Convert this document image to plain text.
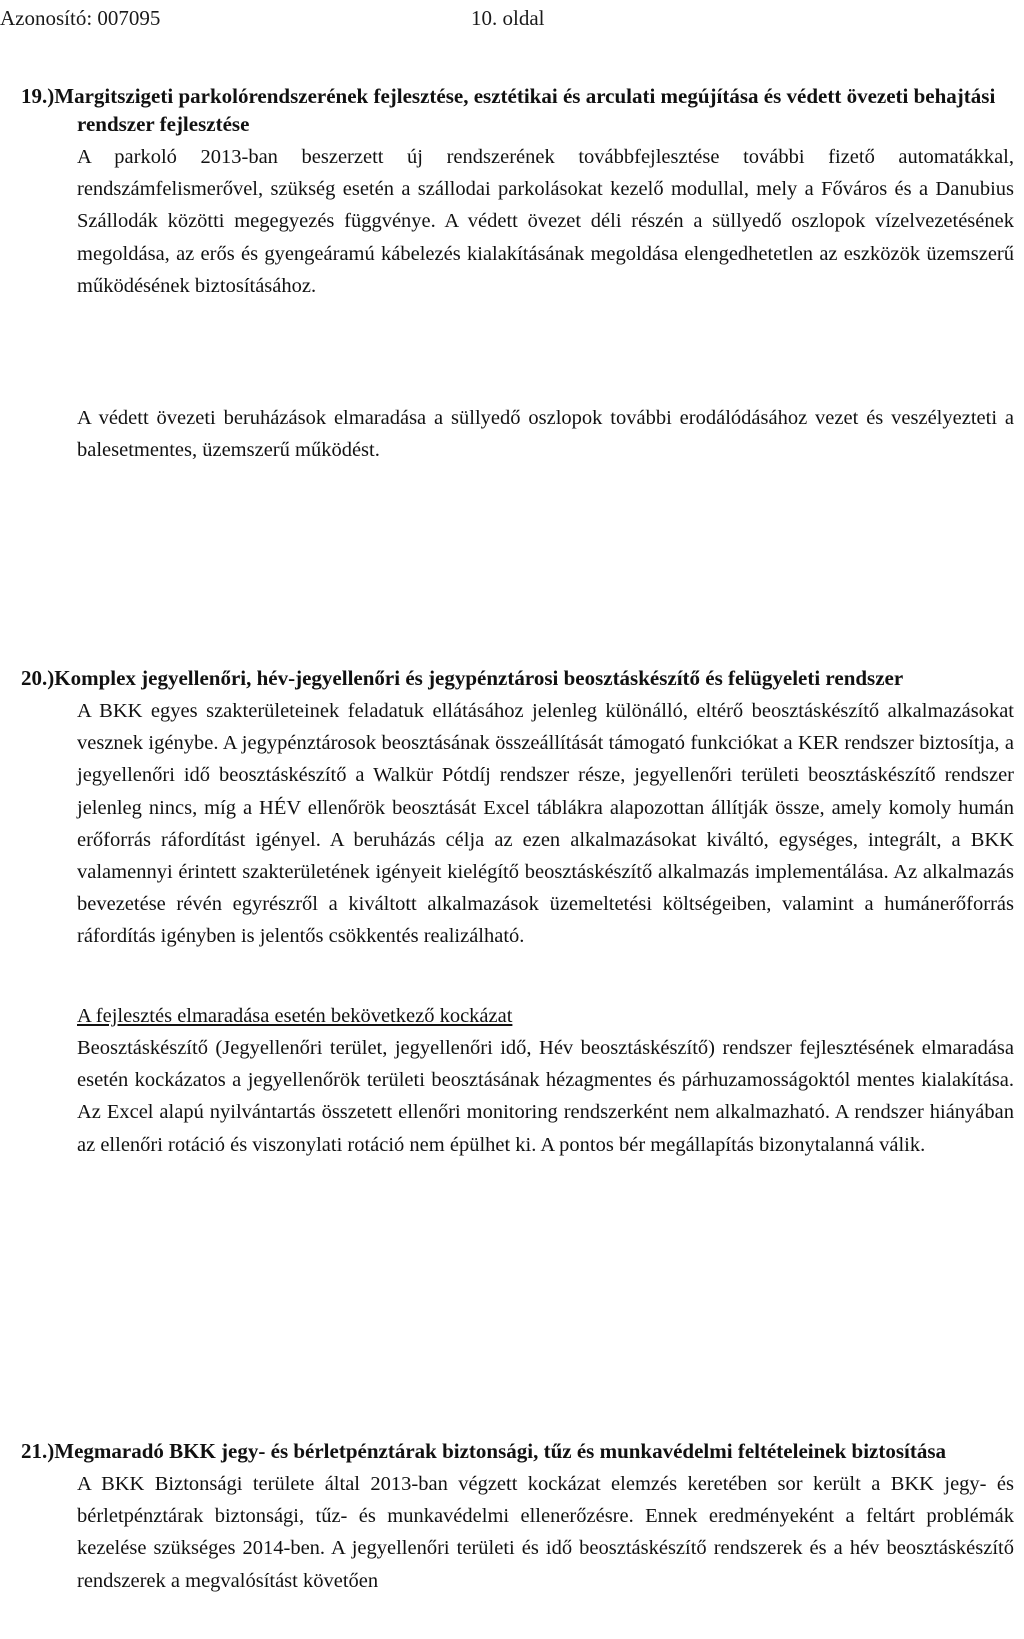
Azonosító: 007095	10. oldal

19.)Margitszigeti parkolórendszerének fejlesztése, esztétikai és arculati megújítása és védett övezeti behajtási rendszer fejlesztése

A parkoló 2013-ban beszerzett új rendszerének továbbfejlesztése további fizető automatákkal, rendszámfelismerővel, szükség esetén a szállodai parkolásokat kezelő modullal, mely a Főváros és a Danubius Szállodák közötti megegyezés függvénye. A védett övezet déli részén a süllyedő oszlopok vízelvezetésének megoldása, az erős és gyengeáramú kábelezés kialakításának megoldása elengedhetetlen az eszközök üzemszerű működésének biztosításához.

A védett övezeti beruházások elmaradása a süllyedő oszlopok további erodálódásához vezet és veszélyezteti a balesetmentes, üzemszerű működést.

20.)Komplex jegyellenőri, hév-jegyellenőri és jegypénztárosi beosztáskészítő és felügyeleti rendszer

A BKK egyes szakterületeinek feladatuk ellátásához jelenleg különálló, eltérő beosztáskészítő alkalmazásokat vesznek igénybe. A jegypénztárosok beosztásának összeállítását támogató funkciókat a KER rendszer biztosítja, a jegyellenőri idő beosztáskészítő a Walkür Pótdíj rendszer része, jegyellenőri területi beosztáskészítő rendszer jelenleg nincs, míg a HÉV ellenőrök beosztását Excel táblákra alapozottan állítják össze, amely komoly humán erőforrás ráfordítást igényel. A beruházás célja az ezen alkalmazásokat kiváltó, egységes, integrált, a BKK valamennyi érintett szakterületének igényeit kielégítő beosztáskészítő alkalmazás implementálása. Az alkalmazás bevezetése révén egyrészről a kiváltott alkalmazások üzemeltetési költségeiben, valamint a humánerőforrás ráfordítás igényben is jelentős csökkentés realizálható.

A fejlesztés elmaradása esetén bekövetkező kockázat

Beosztáskészítő (Jegyellenőri terület, jegyellenőri idő, Hév beosztáskészítő) rendszer fejlesztésének elmaradása esetén kockázatos a jegyellenőrök területi beosztásának hézagmentes és párhuzamosságoktól mentes kialakítása. Az Excel alapú nyilvántartás összetett ellenőri monitoring rendszerként nem alkalmazható. A rendszer hiányában az ellenőri rotáció és viszonylati rotáció nem épülhet ki. A pontos bér megállapítás bizonytalanná válik.

21.)Megmaradó BKK jegy- és bérletpénztárak biztonsági, tűz és munkavédelmi feltételeinek biztosítása

A BKK Biztonsági területe által 2013-ban végzett kockázat elemzés keretében sor került a BKK jegy- és bérletpénztárak biztonsági, tűz- és munkavédelmi ellenerőzésre. Ennek eredményeként a feltárt problémák kezelése szükséges 2014-ben. A jegyellenőri területi és idő beosztáskészítő rendszerek és a hév beosztáskészítő rendszerek a megvalósítást követően
